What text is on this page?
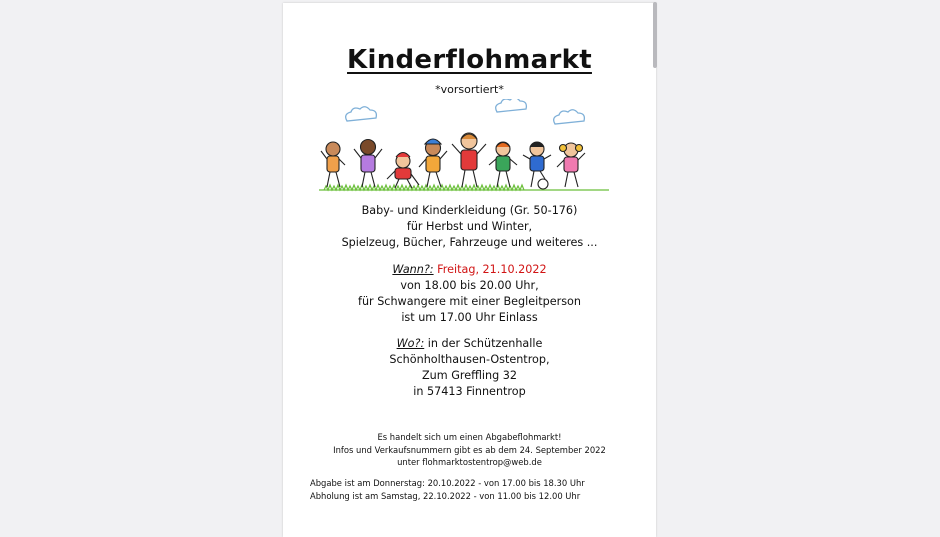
Kinderflohmarkt
*vorsortiert*
Baby- und Kinderkleidung (Gr. 50-176)
für Herbst und Winter,
Spielzeug, Bücher, Fahrzeuge und weiteres ...
Wann?: Freitag, 21.10.2022
von 18.00 bis 20.00 Uhr,
für Schwangere mit einer Begleitperson
ist um 17.00 Uhr Einlass
Wo?: in der Schützenhalle
Schönholthausen-Ostentrop,
Zum Greffling 32
in 57413 Finnentrop
Es handelt sich um einen Abgabeflohmarkt!
Infos und Verkaufsnummern gibt es ab dem 24. September 2022
unter flohmarktostentrop@web.de
Abgabe ist am Donnerstag: 20.10.2022 - von 17.00 bis 18.30 Uhr
Abholung ist am Samstag, 22.10.2022 - von 11.00 bis 12.00 Uhr
